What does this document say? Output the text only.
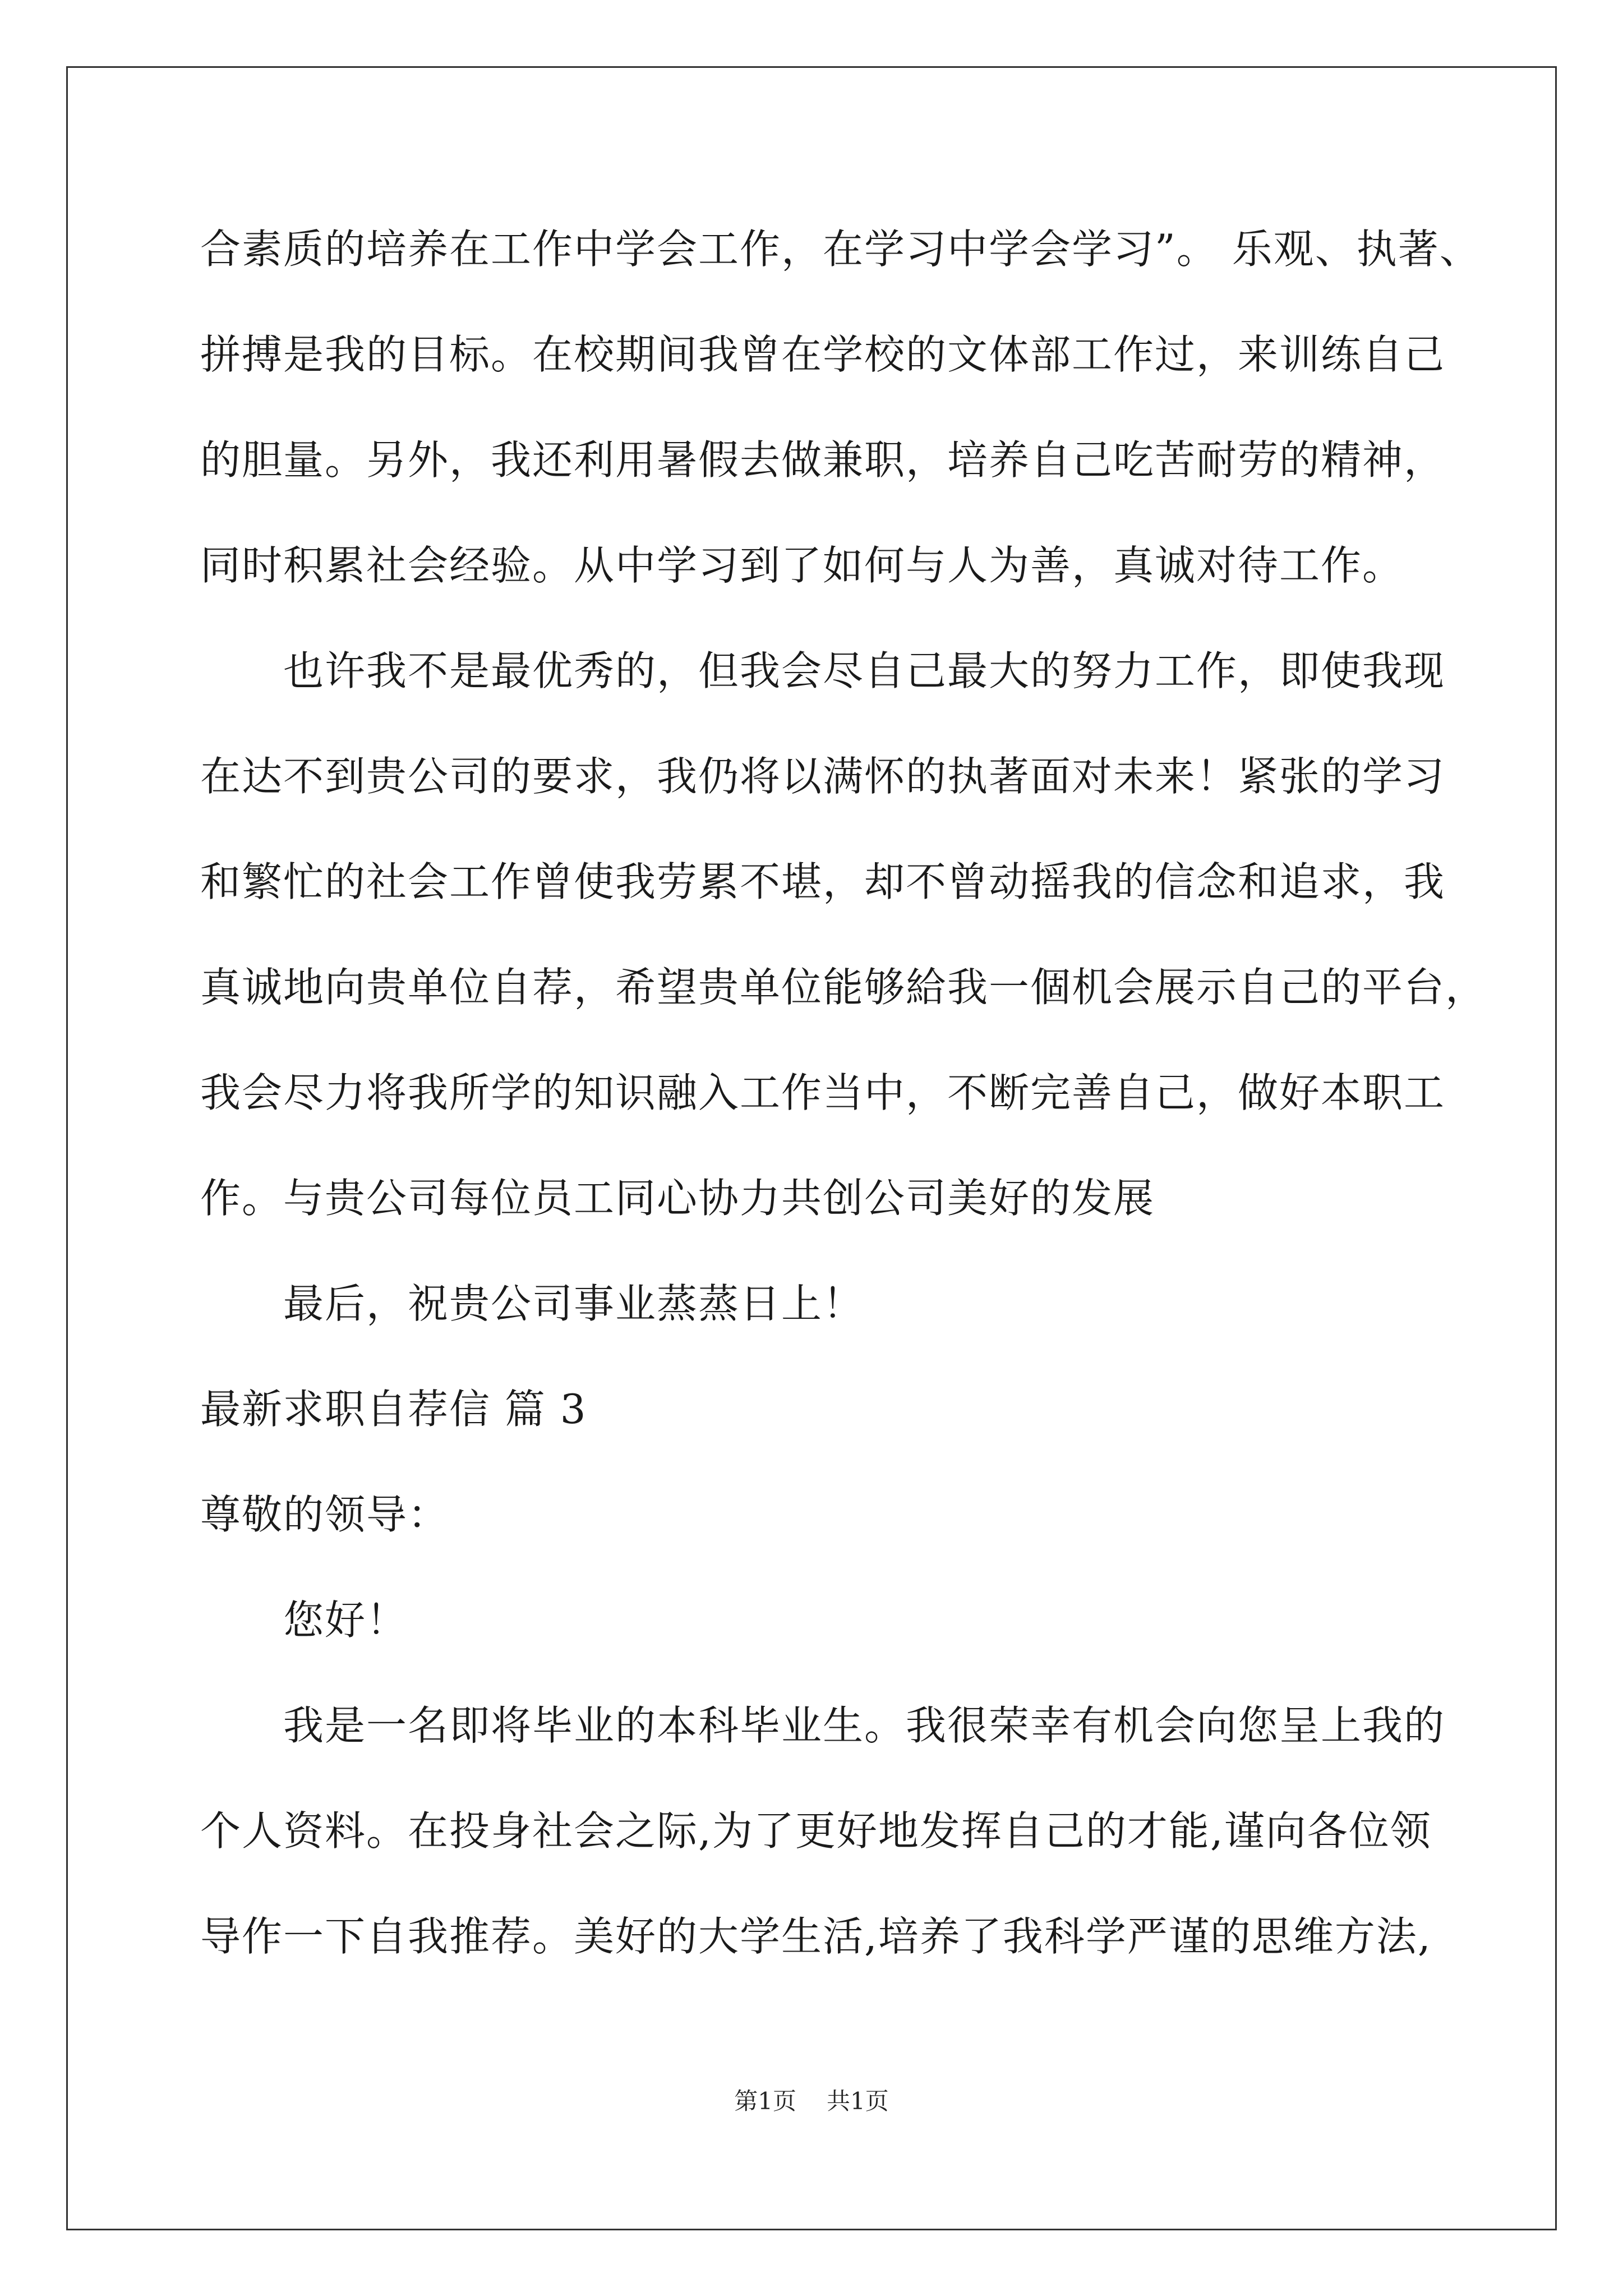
合素质的培养在工作中学会工作，在学习中学会学习”。 乐观、执著、
拼搏是我的目标。在校期间我曾在学校的文体部工作过，来训练自己
的胆量。另外，我还利用暑假去做兼职，培养自己吃苦耐劳的精神，
同时积累社会经验。从中学习到了如何与人为善，真诚对待工作。
也许我不是最优秀的，但我会尽自己最大的努力工作，即使我现
在达不到贵公司的要求，我仍将以满怀的执著面对未来！紧张的学习
和繁忙的社会工作曾使我劳累不堪，却不曾动摇我的信念和追求，我
真诚地向贵单位自荐，希望贵单位能够給我一個机会展示自己的平台，
我会尽力将我所学的知识融入工作当中，不断完善自己，做好本职工
作。与贵公司每位员工同心协力共创公司美好的发展
最后，祝贵公司事业蒸蒸日上！
最新求职自荐信 篇 3
尊敬的领导：
您好！
我是一名即将毕业的本科毕业生。我很荣幸有机会向您呈上我的
个人资料。在投身社会之际,为了更好地发挥自己的才能,谨向各位领
导作一下自我推荐。美好的大学生活,培养了我科学严谨的思维方法,
第1页 共1页
